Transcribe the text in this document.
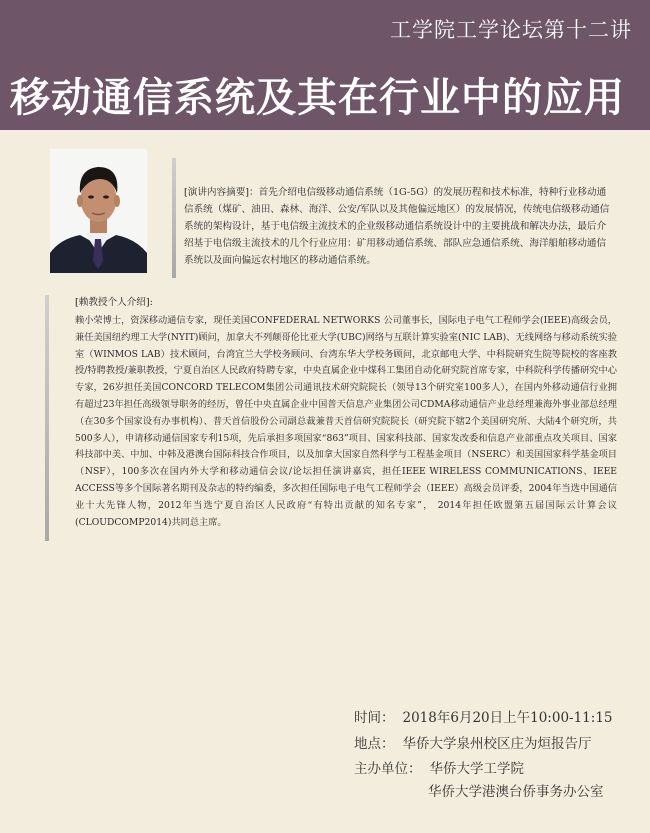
工学院工学论坛第十二讲
移动通信系统及其在行业中的应用
[演讲内容摘要]：首先介绍电信级移动通信系统（1G-5G）的发展历程和技术标准，特种行业移动通信系统（煤矿、油田、森林、海洋、公安/军队以及其他偏远地区）的发展情况，传统电信级移动通信系统的架构设计，基于电信级主流技术的企业级移动通信系统设计中的主要挑战和解决办法，最后介绍基于电信级主流技术的几个行业应用：矿用移动通信系统、部队应急通信系统、海洋船舶移动通信系统以及面向偏远农村地区的移动通信系统。
[赖教授个人介绍]:
赖小荣博士，资深移动通信专家，现任美国CONFEDERAL NETWORKS 公司董事长，国际电子电气工程师学会(IEEE)高级会员，兼任美国纽约理工大学(NYIT)顾问，加拿大不列颠哥伦比亚大学(UBC)网络与互联计算实验室(NIC LAB)、无线网络与移动系统实验室（WINMOS LAB）技术顾问，台湾宜兰大学校务顾问、台湾东华大学校务顾问，北京邮电大学、中科院研究生院等院校的客座教授/特聘教授/兼职教授，宁夏自治区人民政府特聘专家，中央直属企业中煤科工集团自动化研究院首席专家，中科院科学传播研究中心专家，26岁担任美国CONCORD TELECOM集团公司通讯技术研究院院长（领导13个研究室100多人），在国内外移动通信行业拥有超过23年担任高级领导职务的经历，曾任中央直属企业中国普天信息产业集团公司CDMA移动通信产业总经理兼海外事业部总经理（在30多个国家设有办事机构）、普天首信股份公司副总裁兼普天首信研究院院长（研究院下辖2个美国研究所、大陆4个研究所，共500多人），申请移动通信国家专利15项，先后承担多项国家“863”项目、国家科技部、国家发改委和信息产业部重点攻关项目、国家科技部中美、中加、中韩及港澳台国际科技合作项目，以及加拿大国家自然科学与工程基金项目（NSERC）和美国国家科学基金项目（NSF），100多次在国内外大学和移动通信会议/论坛担任演讲嘉宾，担任IEEE WIRELESS COMMUNICATIONS、IEEE ACCESS等多个国际著名期刊及杂志的特约编委，多次担任国际电子电气工程师学会（IEEE）高级会员评委，2004年当选中国通信业十大先锋人物，2012年当选宁夏自治区人民政府“有特出贡献的知名专家”， 2014年担任欧盟第五届国际云计算会议(CLOUDCOMP2014)共同总主席。
时间： 2018年6月20日上午10:00-11:15
地点： 华侨大学泉州校区庄为烜报告厅
主办单位： 华侨大学工学院
华侨大学港澳台侨事务办公室
